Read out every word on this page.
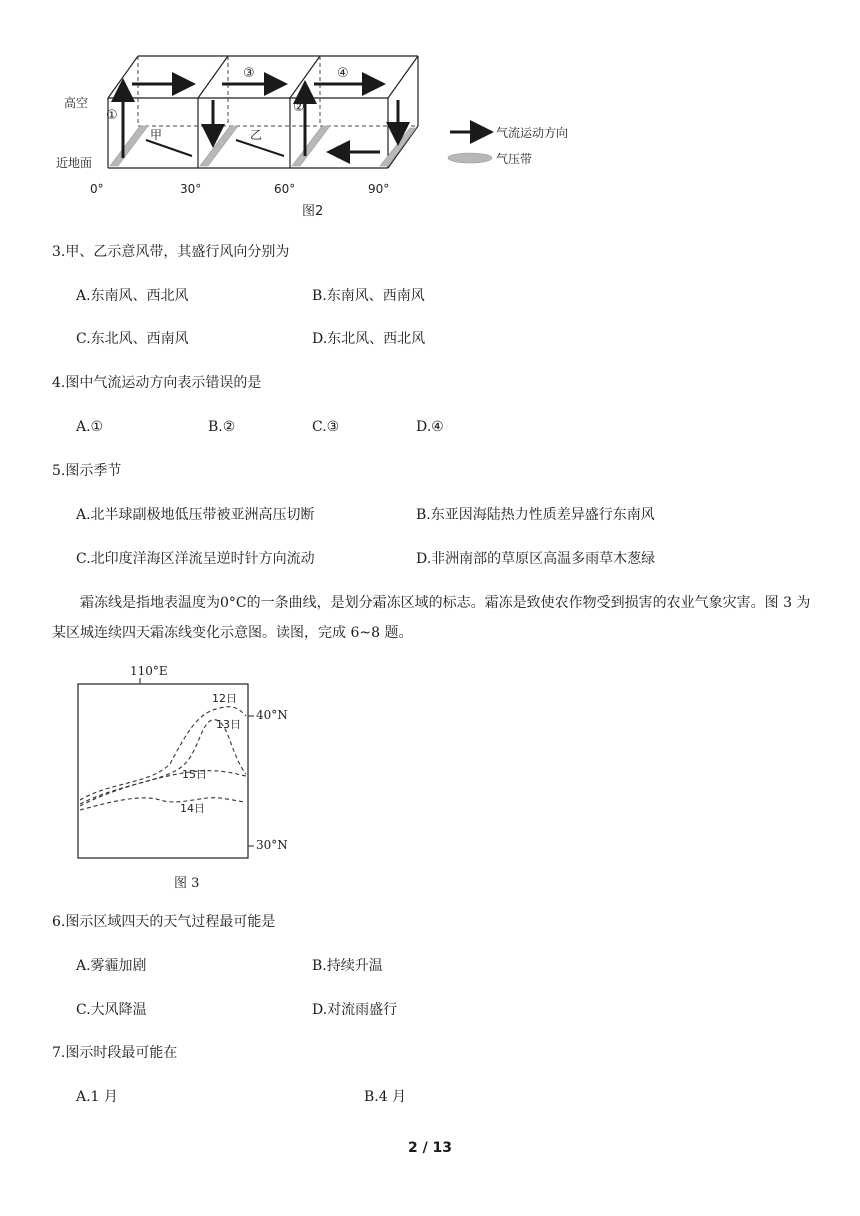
高空
近地面
0°	30°	60°	90°
①
②
③	④
甲	乙	气流运动方向
气压带
图2
3.甲、乙示意风带，其盛行风向分别为
A.东南风、西北风	B.东南风、西南风
C.东北风、西南风	D.东北风、西北风
4.图中气流运动方向表示错误的是
A.①	B.②	C.③	D.④
5.图示季节
A.北半球副极地低压带被亚洲高压切断	B.东亚因海陆热力性质差异盛行东南风
C.北印度洋海区洋流呈逆时针方向流动	D.非洲南部的草原区高温多雨草木葱绿
霜冻线是指地表温度为0°C的一条曲线，是划分霜冻区域的标志。霜冻是致使农作物受到损害的农业气象灾害。图 3 为某区城连续四天霜冻线变化示意图。读图，完成 6~8 题。
110°E
40°N
30°N
12日
13日
15日
14日
图 3
6.图示区域四天的天气过程最可能是
A.雾霾加剧	B.持续升温
C.大风降温	D.对流雨盛行
7.图示时段最可能在
A.1 月	B.4 月
2 / 13
